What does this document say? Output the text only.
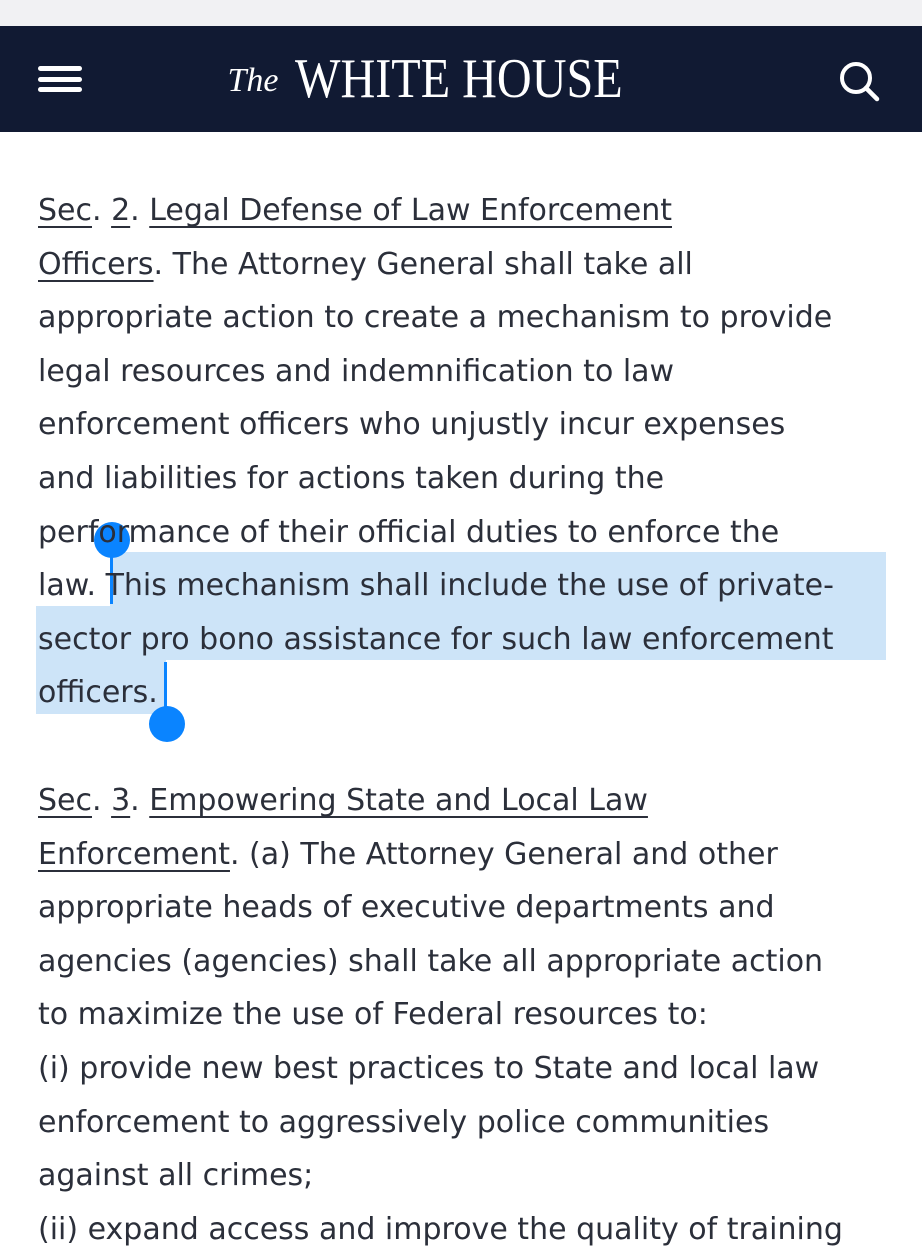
The WHITE HOUSE
Sec. 2. Legal Defense of Law Enforcement
Officers. The Attorney General shall take all
appropriate action to create a mechanism to provide
legal resources and indemnification to law
enforcement officers who unjustly incur expenses
and liabilities for actions taken during the
performance of their official duties to enforce the
law. This mechanism shall include the use of private-
sector pro bono assistance for such law enforcement
officers.
Sec. 3. Empowering State and Local Law
Enforcement. (a) The Attorney General and other
appropriate heads of executive departments and
agencies (agencies) shall take all appropriate action
to maximize the use of Federal resources to:
(i) provide new best practices to State and local law
enforcement to aggressively police communities
against all crimes;
(ii) expand access and improve the quality of training
